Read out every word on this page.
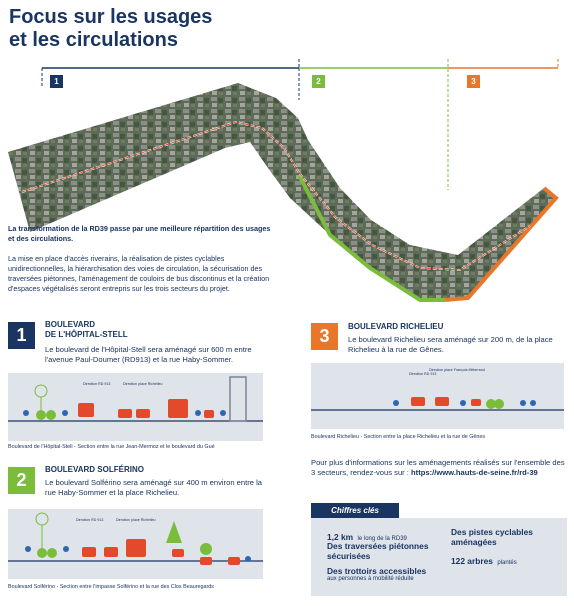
Focus sur les usages
et les circulations
1	2	3
La transformation de la RD39 passe par une meilleure répartition des usages et des circulations.
La mise en place d'accès riverains, la réalisation de pistes cyclables unidirectionnelles, la hiérarchisation des voies de circulation, la sécurisation des traversées piétonnes, l'aménagement de couloirs de bus discontinus et la création d'espaces végétalisés seront entrepris sur les trois secteurs du projet.
1
BOULEVARD
DE L'HÔPITAL-STELL
Le boulevard de l'Hôpital-Stell sera aménagé sur 600 m entre l'avenue Paul-Doumer (RD913) et la rue Haby-Sommer.
Direction RD 913	Direction place Richelieu
Boulevard de l'Hôpital-Stell - Section entre la rue Jean-Mermoz et le boulevard du Gué
2
BOULEVARD SOLFÉRINO
Le boulevard Solférino sera aménagé sur 400 m environ entre la rue Haby-Sommer et la place Richelieu.
Direction RD 913	Direction place Richelieu
Boulevard Solférino - Section entre l'impasse Solférino et la rue des Clos Beauregards
3	BOULEVARD RICHELIEU
Le boulevard Richelieu sera aménagé sur 200 m, de la place Richelieu à la rue de Gênes.
Direction RD 913
Direction place François Mitterrand
Boulevard Richelieu - Section entre la place Richelieu et la rue de Gênes
Pour plus d'informations sur les aménagements réalisés sur l'ensemble des 3 secteurs, rendez-vous sur : https://www.hauts-de-seine.fr/rd-39
Chiffres clés
1,2 km le long de la RD39
Des traversées piétonnes sécurisées
Des trottoirs accessibles
aux personnes à mobilité réduite
Des pistes cyclables aménagées
122 arbres plantés
